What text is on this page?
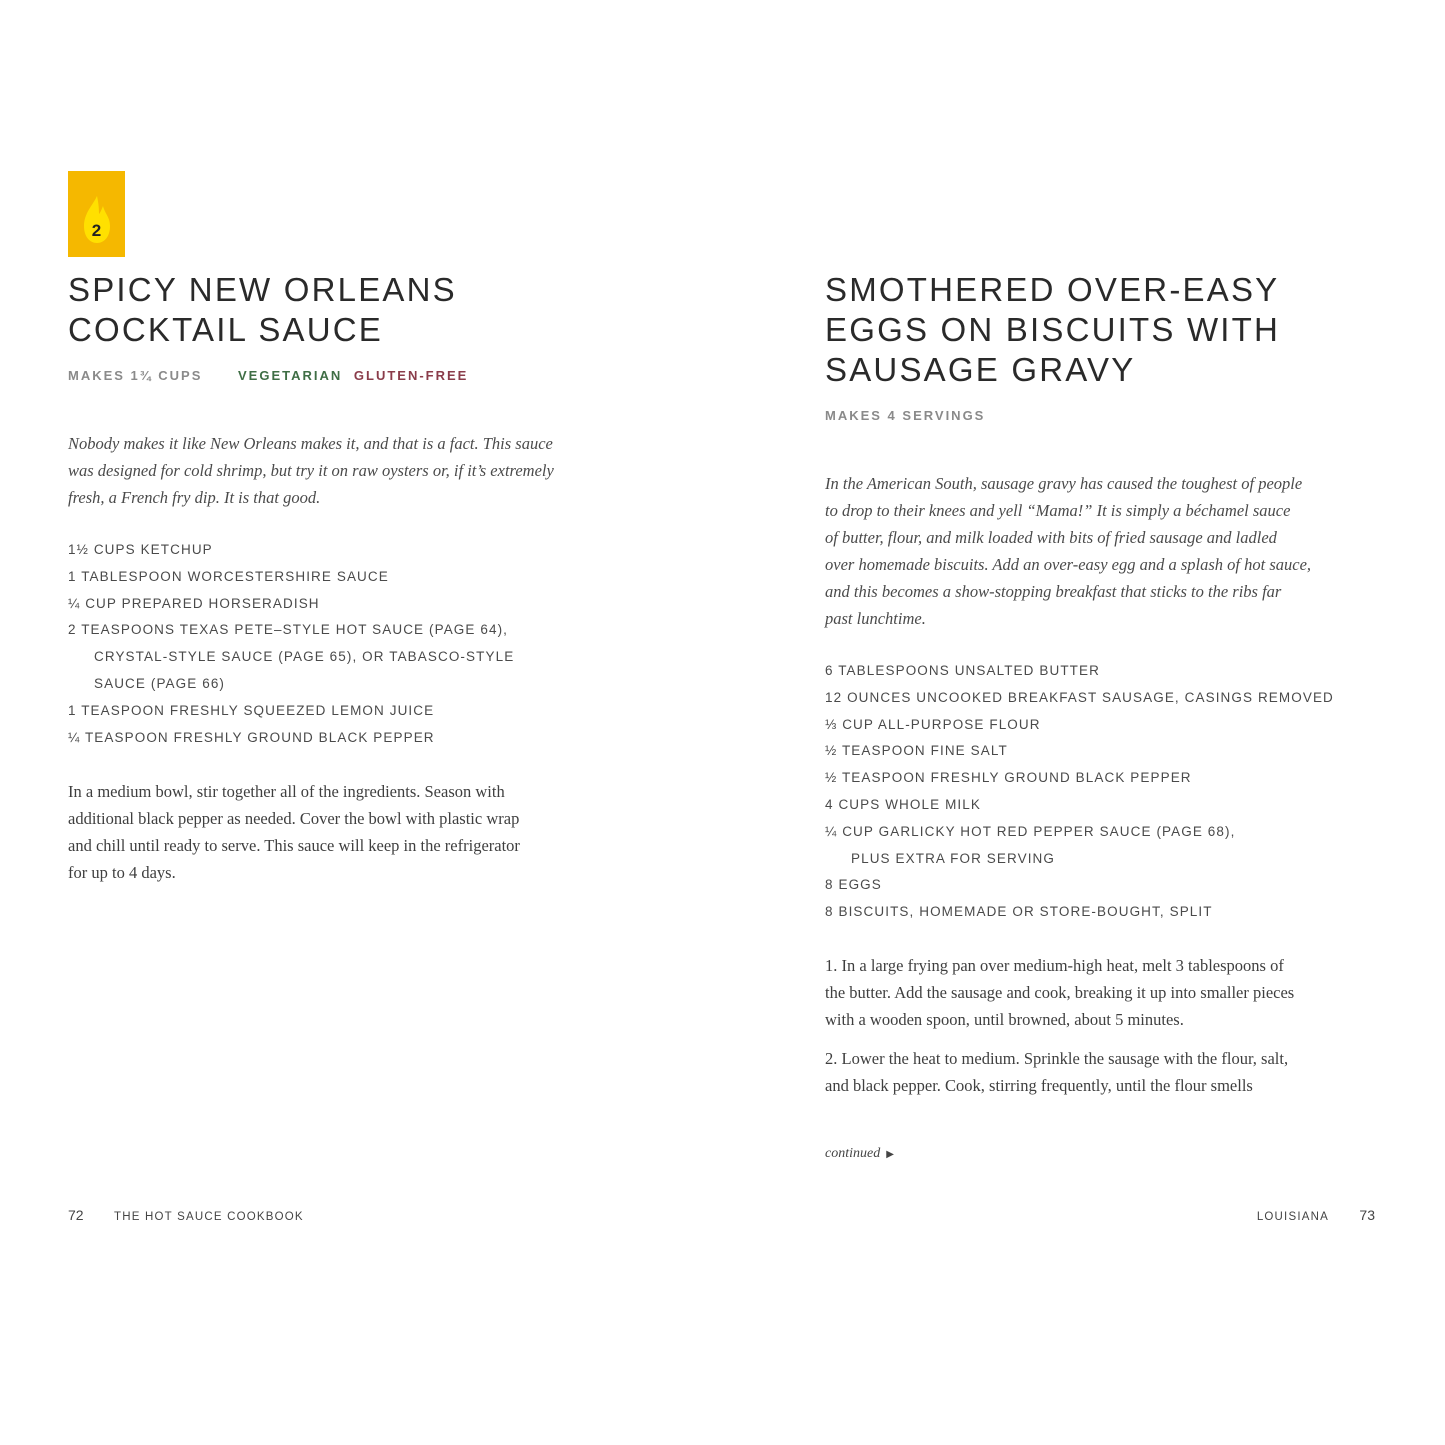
2
SPICY NEW ORLEANS
COCKTAIL SAUCE
MAKES 1¾ CUPS	VEGETARIAN GLUTEN-FREE

Nobody makes it like New Orleans makes it, and that is a fact. This sauce
was designed for cold shrimp, but try it on raw oysters or, if it’s extremely
fresh, a French fry dip. It is that good.

1½ CUPS KETCHUP
1 TABLESPOON WORCESTERSHIRE SAUCE
¼ CUP PREPARED HORSERADISH
2 TEASPOONS TEXAS PETE–STYLE HOT SAUCE (PAGE 64),
CRYSTAL-STYLE SAUCE (PAGE 65), OR TABASCO-STYLE
SAUCE (PAGE 66)
1 TEASPOON FRESHLY SQUEEZED LEMON JUICE
¼ TEASPOON FRESHLY GROUND BLACK PEPPER

In a medium bowl, stir together all of the ingredients. Season with
additional black pepper as needed. Cover the bowl with plastic wrap
and chill until ready to serve. This sauce will keep in the refrigerator
for up to 4 days.

72	THE HOT SAUCE COOKBOOK
SMOTHERED OVER-EASY
EGGS ON BISCUITS WITH
SAUSAGE GRAVY
MAKES 4 SERVINGS

In the American South, sausage gravy has caused the toughest of people
to drop to their knees and yell “Mama!” It is simply a béchamel sauce
of butter, flour, and milk loaded with bits of fried sausage and ladled
over homemade biscuits. Add an over-easy egg and a splash of hot sauce,
and this becomes a show-stopping breakfast that sticks to the ribs far
past lunchtime.

6 TABLESPOONS UNSALTED BUTTER
12 OUNCES UNCOOKED BREAKFAST SAUSAGE, CASINGS REMOVED
⅓ CUP ALL-PURPOSE FLOUR
½ TEASPOON FINE SALT
½ TEASPOON FRESHLY GROUND BLACK PEPPER
4 CUPS WHOLE MILK
¼ CUP GARLICKY HOT RED PEPPER SAUCE (PAGE 68),
PLUS EXTRA FOR SERVING
8 EGGS
8 BISCUITS, HOMEMADE OR STORE-BOUGHT, SPLIT

1. In a large frying pan over medium-high heat, melt 3 tablespoons of
the butter. Add the sausage and cook, breaking it up into smaller pieces
with a wooden spoon, until browned, about 5 minutes.

2. Lower the heat to medium. Sprinkle the sausage with the flour, salt,
and black pepper. Cook, stirring frequently, until the flour smells

continued ▶
LOUISIANA 73
